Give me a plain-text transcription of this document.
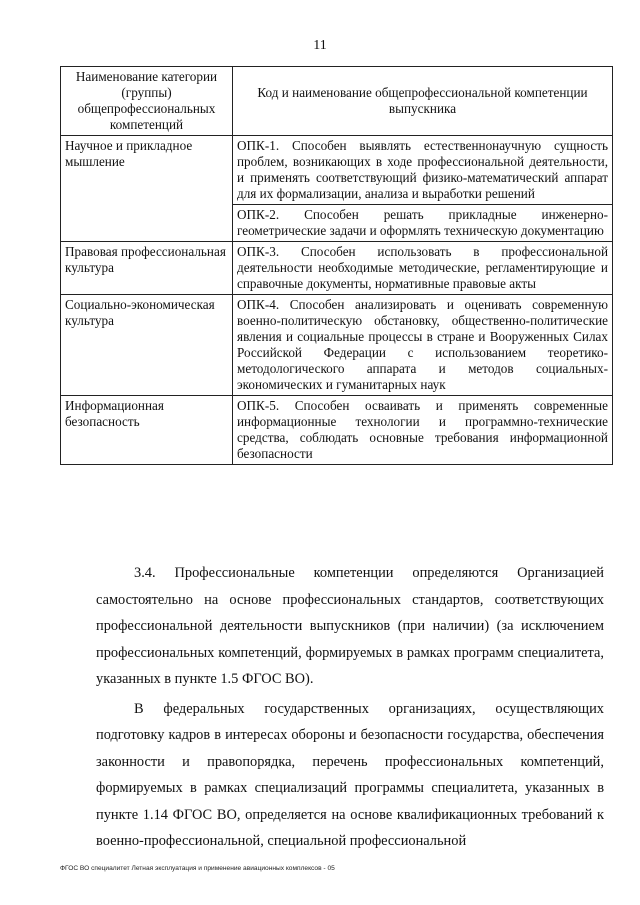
11
Наименование категории (группы) общепрофессиональных компетенций	Код и наименование общепрофессиональной компетенции выпускника
Научное и прикладное мышление	ОПК-1. Способен выявлять естественнонаучную сущность проблем, возникающих в ходе профессиональной деятельности, и применять соответствующий физико-математический аппарат для их формализации, анализа и выработки решений
	ОПК-2. Способен решать прикладные инженерно-геометрические задачи и оформлять техническую документацию
Правовая профессиональная культура	ОПК-3. Способен использовать в профессиональной деятельности необходимые методические, регламентирующие и справочные документы, нормативные правовые акты
Социально-экономическая культура	ОПК-4. Способен анализировать и оценивать современную военно-политическую обстановку, общественно-политические явления и социальные процессы в стране и Вооруженных Силах Российской Федерации с использованием теоретико-методологического аппарата и методов социальных-экономических и гуманитарных наук
Информационная безопасность	ОПК-5. Способен осваивать и применять современные информационные технологии и программно-технические средства, соблюдать основные требования информационной безопасности

3.4. Профессиональные компетенции определяются Организацией самостоятельно на основе профессиональных стандартов, соответствующих профессиональной деятельности выпускников (при наличии) (за исключением профессиональных компетенций, формируемых в рамках программ специалитета, указанных в пункте 1.5 ФГОС ВО).

В федеральных государственных организациях, осуществляющих подготовку кадров в интересах обороны и безопасности государства, обеспечения законности и правопорядка, перечень профессиональных компетенций, формируемых в рамках специализаций программы специалитета, указанных в пункте 1.14 ФГОС ВО, определяется на основе квалификационных требований к военно-профессиональной, специальной профессиональной

ФГОС ВО специалитет Летная эксплуатация и применение авиационных комплексов - 05
